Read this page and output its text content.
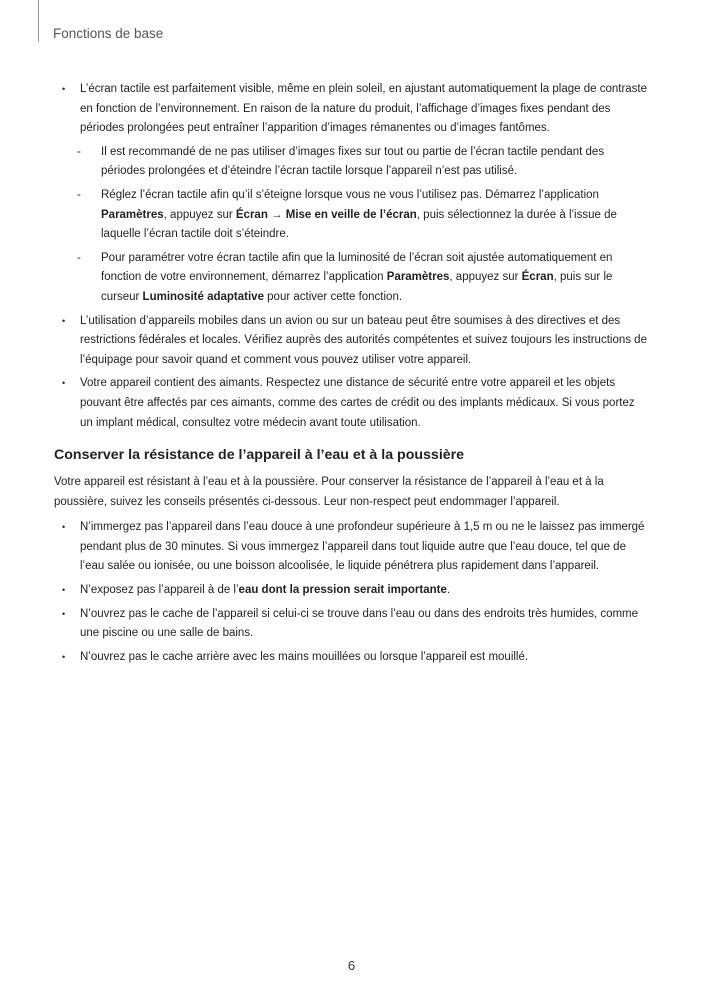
Fonctions de base
• L’écran tactile est parfaitement visible, même en plein soleil, en ajustant automatiquement la plage de contraste en fonction de l’environnement. En raison de la nature du produit, l’affichage d’images fixes pendant des périodes prolongées peut entraîner l’apparition d’images rémanentes ou d’images fantômes.
- Il est recommandé de ne pas utiliser d’images fixes sur tout ou partie de l’écran tactile pendant des périodes prolongées et d’éteindre l’écran tactile lorsque l’appareil n’est pas utilisé.
- Réglez l’écran tactile afin qu’il s’éteigne lorsque vous ne vous l’utilisez pas. Démarrez l’application Paramètres, appuyez sur Écran → Mise en veille de l’écran, puis sélectionnez la durée à l’issue de laquelle l’écran tactile doit s’éteindre.
- Pour paramétrer votre écran tactile afin que la luminosité de l’écran soit ajustée automatiquement en fonction de votre environnement, démarrez l’application Paramètres, appuyez sur Écran, puis sur le curseur Luminosité adaptative pour activer cette fonction.
• L’utilisation d’appareils mobiles dans un avion ou sur un bateau peut être soumises à des directives et des restrictions fédérales et locales. Vérifiez auprès des autorités compétentes et suivez toujours les instructions de l’équipage pour savoir quand et comment vous pouvez utiliser votre appareil.
• Votre appareil contient des aimants. Respectez une distance de sécurité entre votre appareil et les objets pouvant être affectés par ces aimants, comme des cartes de crédit ou des implants médicaux. Si vous portez un implant médical, consultez votre médecin avant toute utilisation.
Conserver la résistance de l’appareil à l’eau et à la poussière
Votre appareil est résistant à l’eau et à la poussière. Pour conserver la résistance de l’appareil à l’eau et à la poussière, suivez les conseils présentés ci-dessous. Leur non-respect peut endommager l’appareil.
• N’immergez pas l’appareil dans l’eau douce à une profondeur supérieure à 1,5 m ou ne le laissez pas immergé pendant plus de 30 minutes. Si vous immergez l’appareil dans tout liquide autre que l’eau douce, tel que de l’eau salée ou ionisée, ou une boisson alcoolisée, le liquide pénétrera plus rapidement dans l’appareil.
• N’exposez pas l’appareil à de l’eau dont la pression serait importante.
• N’ouvrez pas le cache de l’appareil si celui-ci se trouve dans l’eau ou dans des endroits très humides, comme une piscine ou une salle de bains.
• N’ouvrez pas le cache arrière avec les mains mouillées ou lorsque l’appareil est mouillé.
6
